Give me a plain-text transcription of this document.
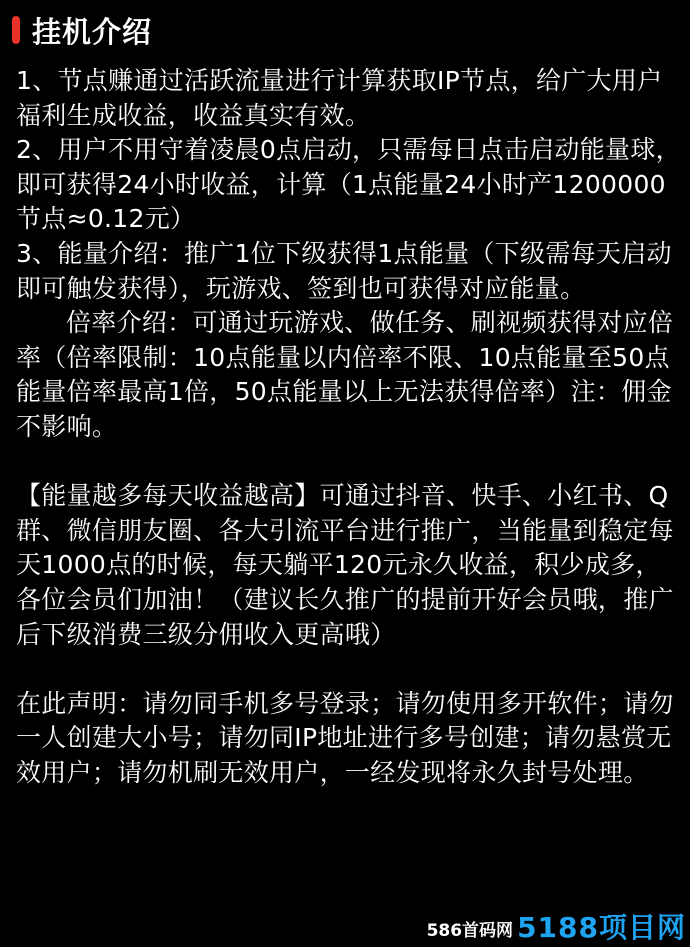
挂机介绍

1、节点赚通过活跃流量进行计算获取IP节点，给广大用户福利生成收益，收益真实有效。

2、用户不用守着凌晨0点启动，只需每日点击启动能量球，即可获得24小时收益，计算（1点能量24小时产1200000节点≈0.12元）

3、能量介绍：推广1位下级获得1点能量（下级需每天启动即可触发获得），玩游戏、签到也可获得对应能量。

倍率介绍：可通过玩游戏、做任务、刷视频获得对应倍率（倍率限制：10点能量以内倍率不限、10点能量至50点能量倍率最高1倍，50点能量以上无法获得倍率）注：佣金不影响。

【能量越多每天收益越高】可通过抖音、快手、小红书、Q群、微信朋友圈、各大引流平台进行推广，当能量到稳定每天1000点的时候，每天躺平120元永久收益，积少成多，各位会员们加油！（建议长久推广的提前开好会员哦，推广后下级消费三级分佣收入更高哦）

在此声明：请勿同手机多号登录；请勿使用多开软件；请勿一人创建大小号；请勿同IP地址进行多号创建；请勿悬赏无效用户；请勿机刷无效用户，一经发现将永久封号处理。

586首码网 5188项目网
